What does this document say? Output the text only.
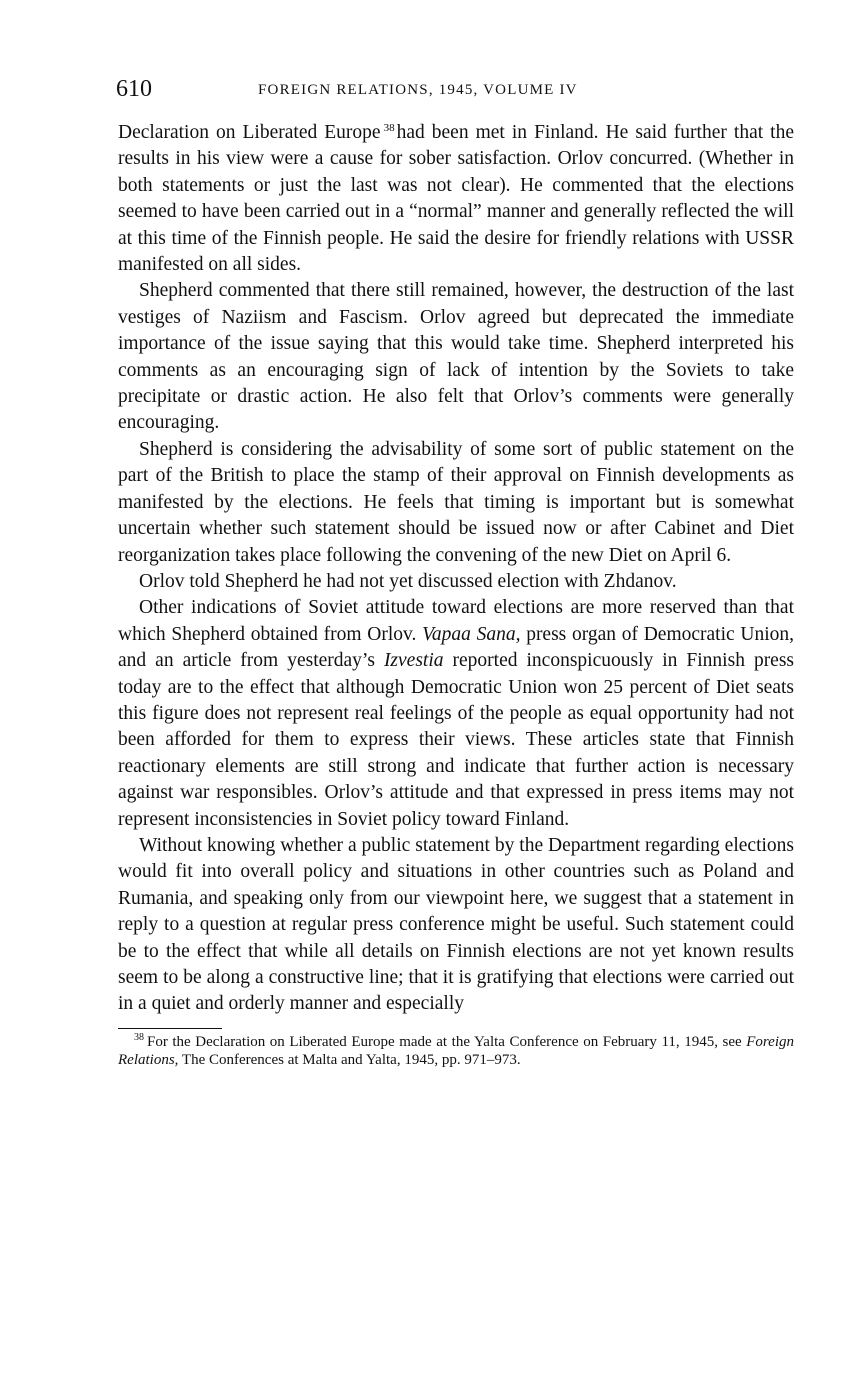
610	FOREIGN RELATIONS, 1945, VOLUME IV

Declaration on Liberated Europe $^{38}$ had been met in Finland. He said further that the results in his view were a cause for sober satisfaction. Orlov concurred. (Whether in both statements or just the last was not clear). He commented that the elections seemed to have been carried out in a “normal” manner and generally reflected the will at this time of the Finnish people. He said the desire for friendly relations with USSR manifested on all sides.

Shepherd commented that there still remained, however, the destruction of the last vestiges of Naziism and Fascism. Orlov agreed but deprecated the immediate importance of the issue saying that this would take time. Shepherd interpreted his comments as an encouraging sign of lack of intention by the Soviets to take precipitate or drastic action. He also felt that Orlov’s comments were generally encouraging.

Shepherd is considering the advisability of some sort of public statement on the part of the British to place the stamp of their approval on Finnish developments as manifested by the elections. He feels that timing is important but is somewhat uncertain whether such statement should be issued now or after Cabinet and Diet reorganization takes place following the convening of the new Diet on April 6.

Orlov told Shepherd he had not yet discussed election with Zhdanov.

Other indications of Soviet attitude toward elections are more reserved than that which Shepherd obtained from Orlov. Vapaa Sana, press organ of Democratic Union, and an article from yesterday’s Izvestia reported inconspicuously in Finnish press today are to the effect that although Democratic Union won 25 percent of Diet seats this figure does not represent real feelings of the people as equal opportunity had not been afforded for them to express their views. These articles state that Finnish reactionary elements are still strong and indicate that further action is necessary against war responsibles. Orlov’s attitude and that expressed in press items may not represent inconsistencies in Soviet policy toward Finland.

Without knowing whether a public statement by the Department regarding elections would fit into overall policy and situations in other countries such as Poland and Rumania, and speaking only from our viewpoint here, we suggest that a statement in reply to a question at regular press conference might be useful. Such statement could be to the effect that while all details on Finnish elections are not yet known results seem to be along a constructive line; that it is gratifying that elections were carried out in a quiet and orderly manner and especially

$^{38}$ For the Declaration on Liberated Europe made at the Yalta Conference on February 11, 1945, see Foreign Relations, The Conferences at Malta and Yalta, 1945, pp. 971–973.
